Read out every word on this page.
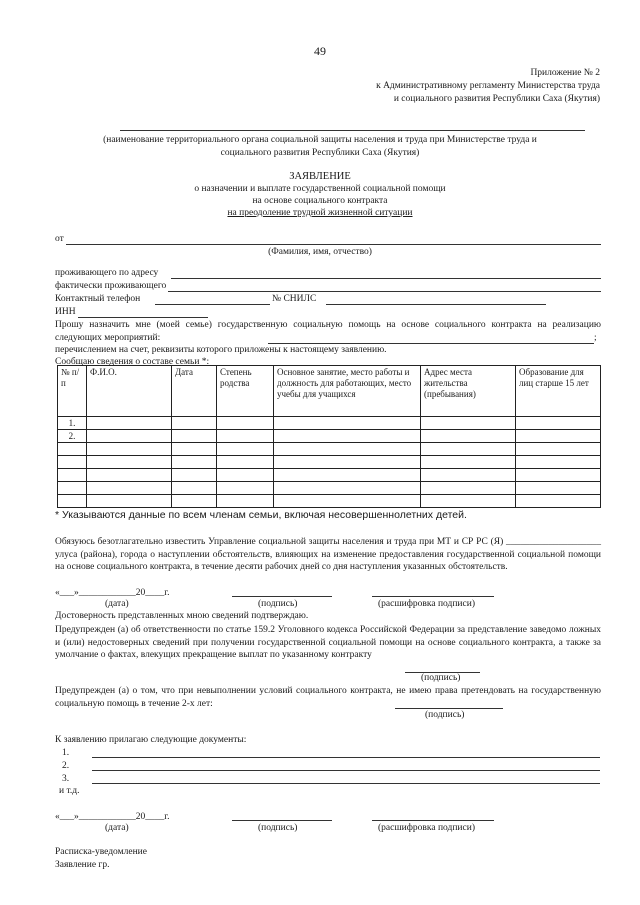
49
Приложение № 2
к Административному регламенту Министерства труда
и социального развития Республики Саха (Якутия)
(наименование территориального органа социальной защиты населения и труда при Министерстве труда и
социального развития Республики Саха (Якутия)
ЗАЯВЛЕНИЕ
о назначении и выплате государственной социальной помощи
на основе социального контракта
на преодоление трудной жизненной ситуации
от
(Фамилия, имя, отчество)
проживающего по адресу
фактически проживающего
Контактный телефон	№ СНИЛС
ИНН
Прошу назначить мне (моей семье) государственную социальную помощь на основе социального контракта на реализацию следующих мероприятий:	;
перечислением на счет, реквизиты которого приложены к настоящему заявлению.
Сообщаю сведения о составе семьи *:
№ п/п	Ф.И.О.	Дата	Степень родства	Основное занятие, место работы и должность для работающих, место учебы для учащихся	Адрес места жительства (пребывания)	Образование для лиц старше 15 лет
1.						
2.						

* Указываются данные по всем членам семьи, включая несовершеннолетних детей.
Обязуюсь безотлагательно известить Управление социальной защиты населения и труда при МТ и СР РС (Я) ____________________ улуса (района), города о наступлении обстоятельств, влияющих на изменение предоставления государственной социальной помощи на основе социального контракта, в течение десяти рабочих дней со дня наступления указанных обстоятельств.
«___»____________20____г.
(дата)	(подпись)	(расшифровка подписи)
Достоверность представленных мною сведений подтверждаю.
Предупрежден (а) об ответственности по статье 159.2 Уголовного кодекса Российской Федерации за представление заведомо ложных и (или) недостоверных сведений при получении государственной социальной помощи на основе социального контракта, а также за умолчание о фактах, влекущих прекращение выплат по указанному контракту
(подпись)
Предупрежден (а) о том, что при невыполнении условий социального контракта, не имею права претендовать на государственную социальную помощь в течение 2-х лет:
(подпись)
К заявлению прилагаю следующие документы:
1.
2.
3.
и т.д.
«___»____________20____г.
(дата)	(подпись)	(расшифровка подписи)
Расписка-уведомление
Заявление гр.
